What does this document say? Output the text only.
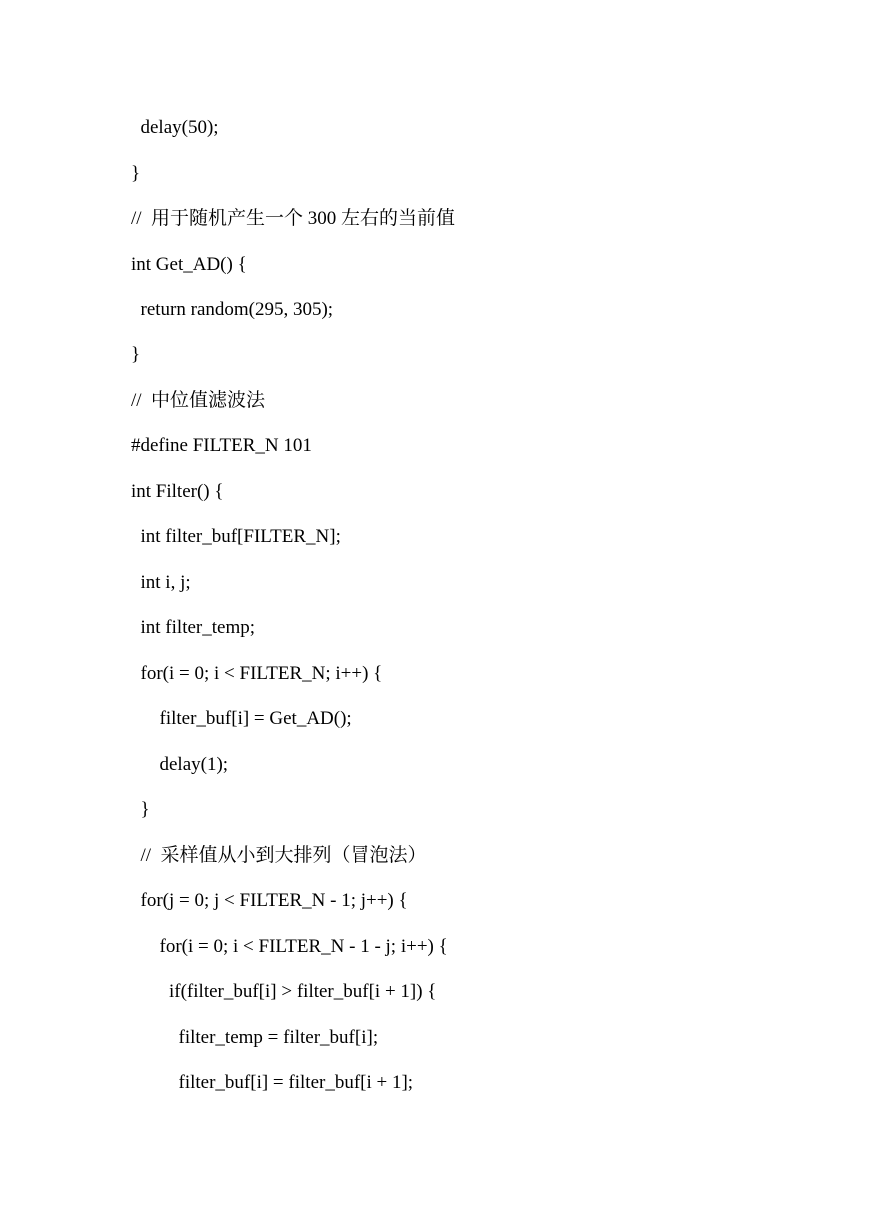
delay(50);
}
//  用于随机产生一个 300 左右的当前值
int Get_AD() {
return random(295, 305);
}
//  中位值滤波法
#define FILTER_N 101
int Filter() {
int filter_buf[FILTER_N];
int i, j;
int filter_temp;
for(i = 0; i < FILTER_N; i++) {
filter_buf[i] = Get_AD();
delay(1);
}
//  采样值从小到大排列（冒泡法）
for(j = 0; j < FILTER_N - 1; j++) {
for(i = 0; i < FILTER_N - 1 - j; i++) {
if(filter_buf[i] > filter_buf[i + 1]) {
filter_temp = filter_buf[i];
filter_buf[i] = filter_buf[i + 1];
